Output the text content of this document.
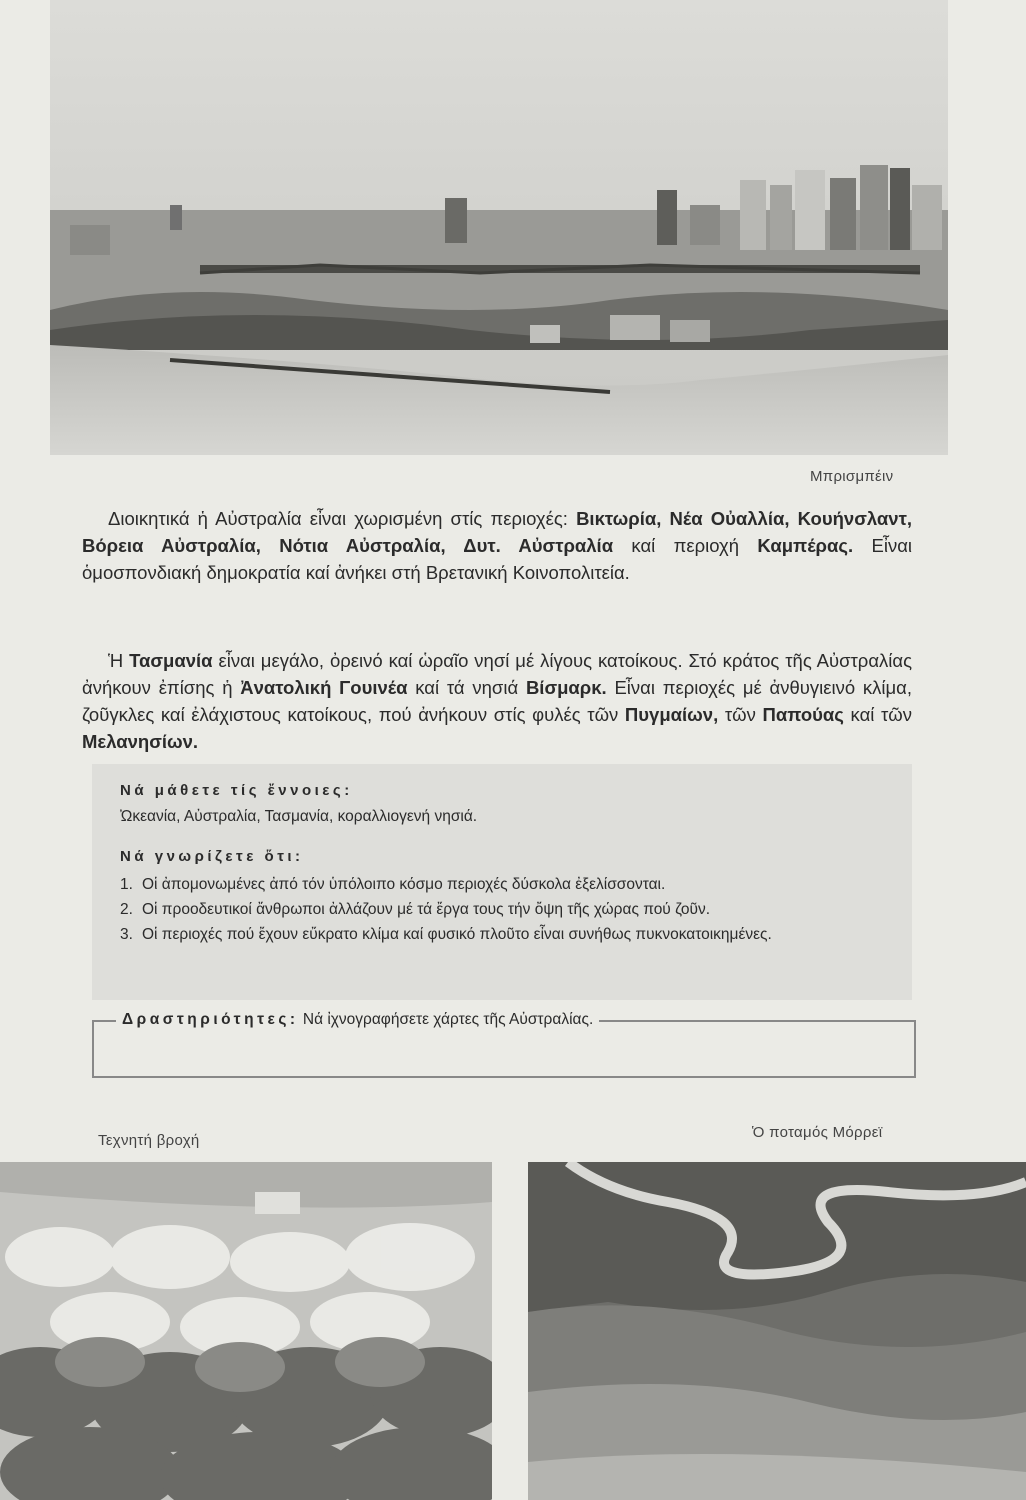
Μπρισμπέιν

Διοικητικά ἡ Αὐστραλία εἶναι χωρισμένη στίς περιοχές: Βικτωρία, Νέα Οὐαλλία, Κουήνσλαντ, Βόρεια Αὐστραλία, Νότια Αὐστραλία, Δυτ. Αὐστραλία καί περιοχή Καμπέρας. Εἶναι ὁμοσπονδιακή δημοκρατία καί ἀνήκει στή Βρετανική Κοινοπολιτεία.

Ἡ Τασμανία εἶναι μεγάλο, ὀρεινό καί ὡραῖο νησί μέ λίγους κατοίκους. Στό κράτος τῆς Αὐστραλίας ἀνήκουν ἐπίσης ἡ Ἀνατολική Γουινέα καί τά νησιά Βίσμαρκ. Εἶναι περιοχές μέ ἀνθυγιεινό κλίμα, ζοῦγκλες καί ἐλάχιστους κατοίκους, πού ἀνήκουν στίς φυλές τῶν Πυγμαίων, τῶν Παπούας καί τῶν Μελανησίων.

Νά μάθετε τίς ἔννοιες:
Ὠκεανία, Αὐστραλία, Τασμανία, κοραλλιογενή νησιά.
Νά γνωρίζετε ὅτι:
1. Οἱ ἀπομονωμένες ἀπό τόν ὑπόλοιπο κόσμο περιοχές δύσκολα ἐξελίσσονται.
2. Οἱ προοδευτικοί ἄνθρωποι ἀλλάζουν μέ τά ἔργα τους τήν ὄψη τῆς χώρας πού ζοῦν.
3. Οἱ περιοχές πού ἔχουν εὔκρατο κλίμα καί φυσικό πλοῦτο εἶναι συνήθως πυκνοκατοικημένες.
Δραστηριότητες: Νά ἰχνογραφήσετε χάρτες τῆς Αὐστραλίας.
Τεχνητή βροχή	Ὁ ποταμός Μόρρεϊ
